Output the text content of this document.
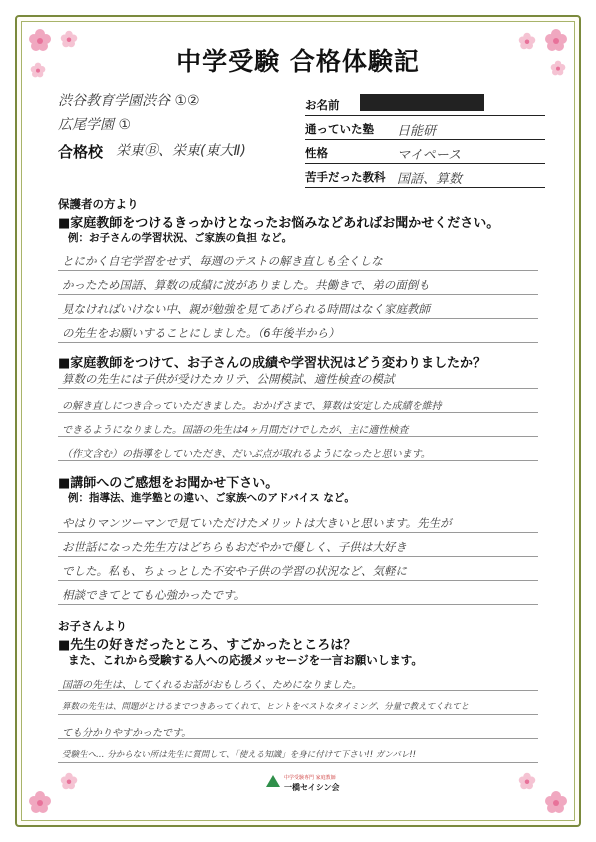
中学受験 合格体験記
渋谷教育学園渋谷 ①②
広尾学園 ①
合格校 栄東Ⓑ、栄東(東大Ⅱ)
お名前
通っていた塾 日能研
性格	マイペース
苦手だった教科 国語、算数
保護者の方より
■家庭教師をつけるきっかけとなったお悩みなどあればお聞かせください。
例：お子さんの学習状況、ご家族の負担 など。
とにかく自宅学習をせず、毎週のテストの解き直しも全くしな
かったため国語、算数の成績に波がありました。共働きで、弟の面倒も
見なければいけない中、親が勉強を見てあげられる時間はなく家庭教師
の先生をお願いすることにしました。（6年後半から）
■家庭教師をつけて、お子さんの成績や学習状況はどう変わりましたか？
算数の先生には子供が受けたカリテ、公開模試、適性検査の模試
の解き直しにつき合っていただきました。おかげさまで、算数は安定した成績を維持
できるようになりました。国語の先生は4ヶ月間だけでしたが、主に適性検査
（作文含む）の指導をしていただき、だいぶ点が取れるようになったと思います。
■講師へのご感想をお聞かせ下さい。
例：指導法、進学塾との違い、ご家族へのアドバイス など。
やはりマンツーマンで見ていただけたメリットは大きいと思います。先生が
お世話になった先生方はどちらもおだやかで優しく、子供は大好き
でした。私も、ちょっとした不安や子供の学習の状況など、気軽に
相談できてとても心強かったです。
お子さんより
■先生の好きだったところ、すごかったところは？
また、これから受験する人への応援メッセージを一言お願いします。
国語の先生は、してくれるお話がおもしろく、ためになりました。
算数の先生は、問題がとけるまでつきあってくれて、ヒントをベストなタイミング、分量で教えてくれてと
ても分かりやすかったです。
受験生へ… 分からない所は先生に質問して、「使える知識」を身に付けて下さい!! ガンバレ!!
中学受験専門 家庭教師
一橋セイシン会
